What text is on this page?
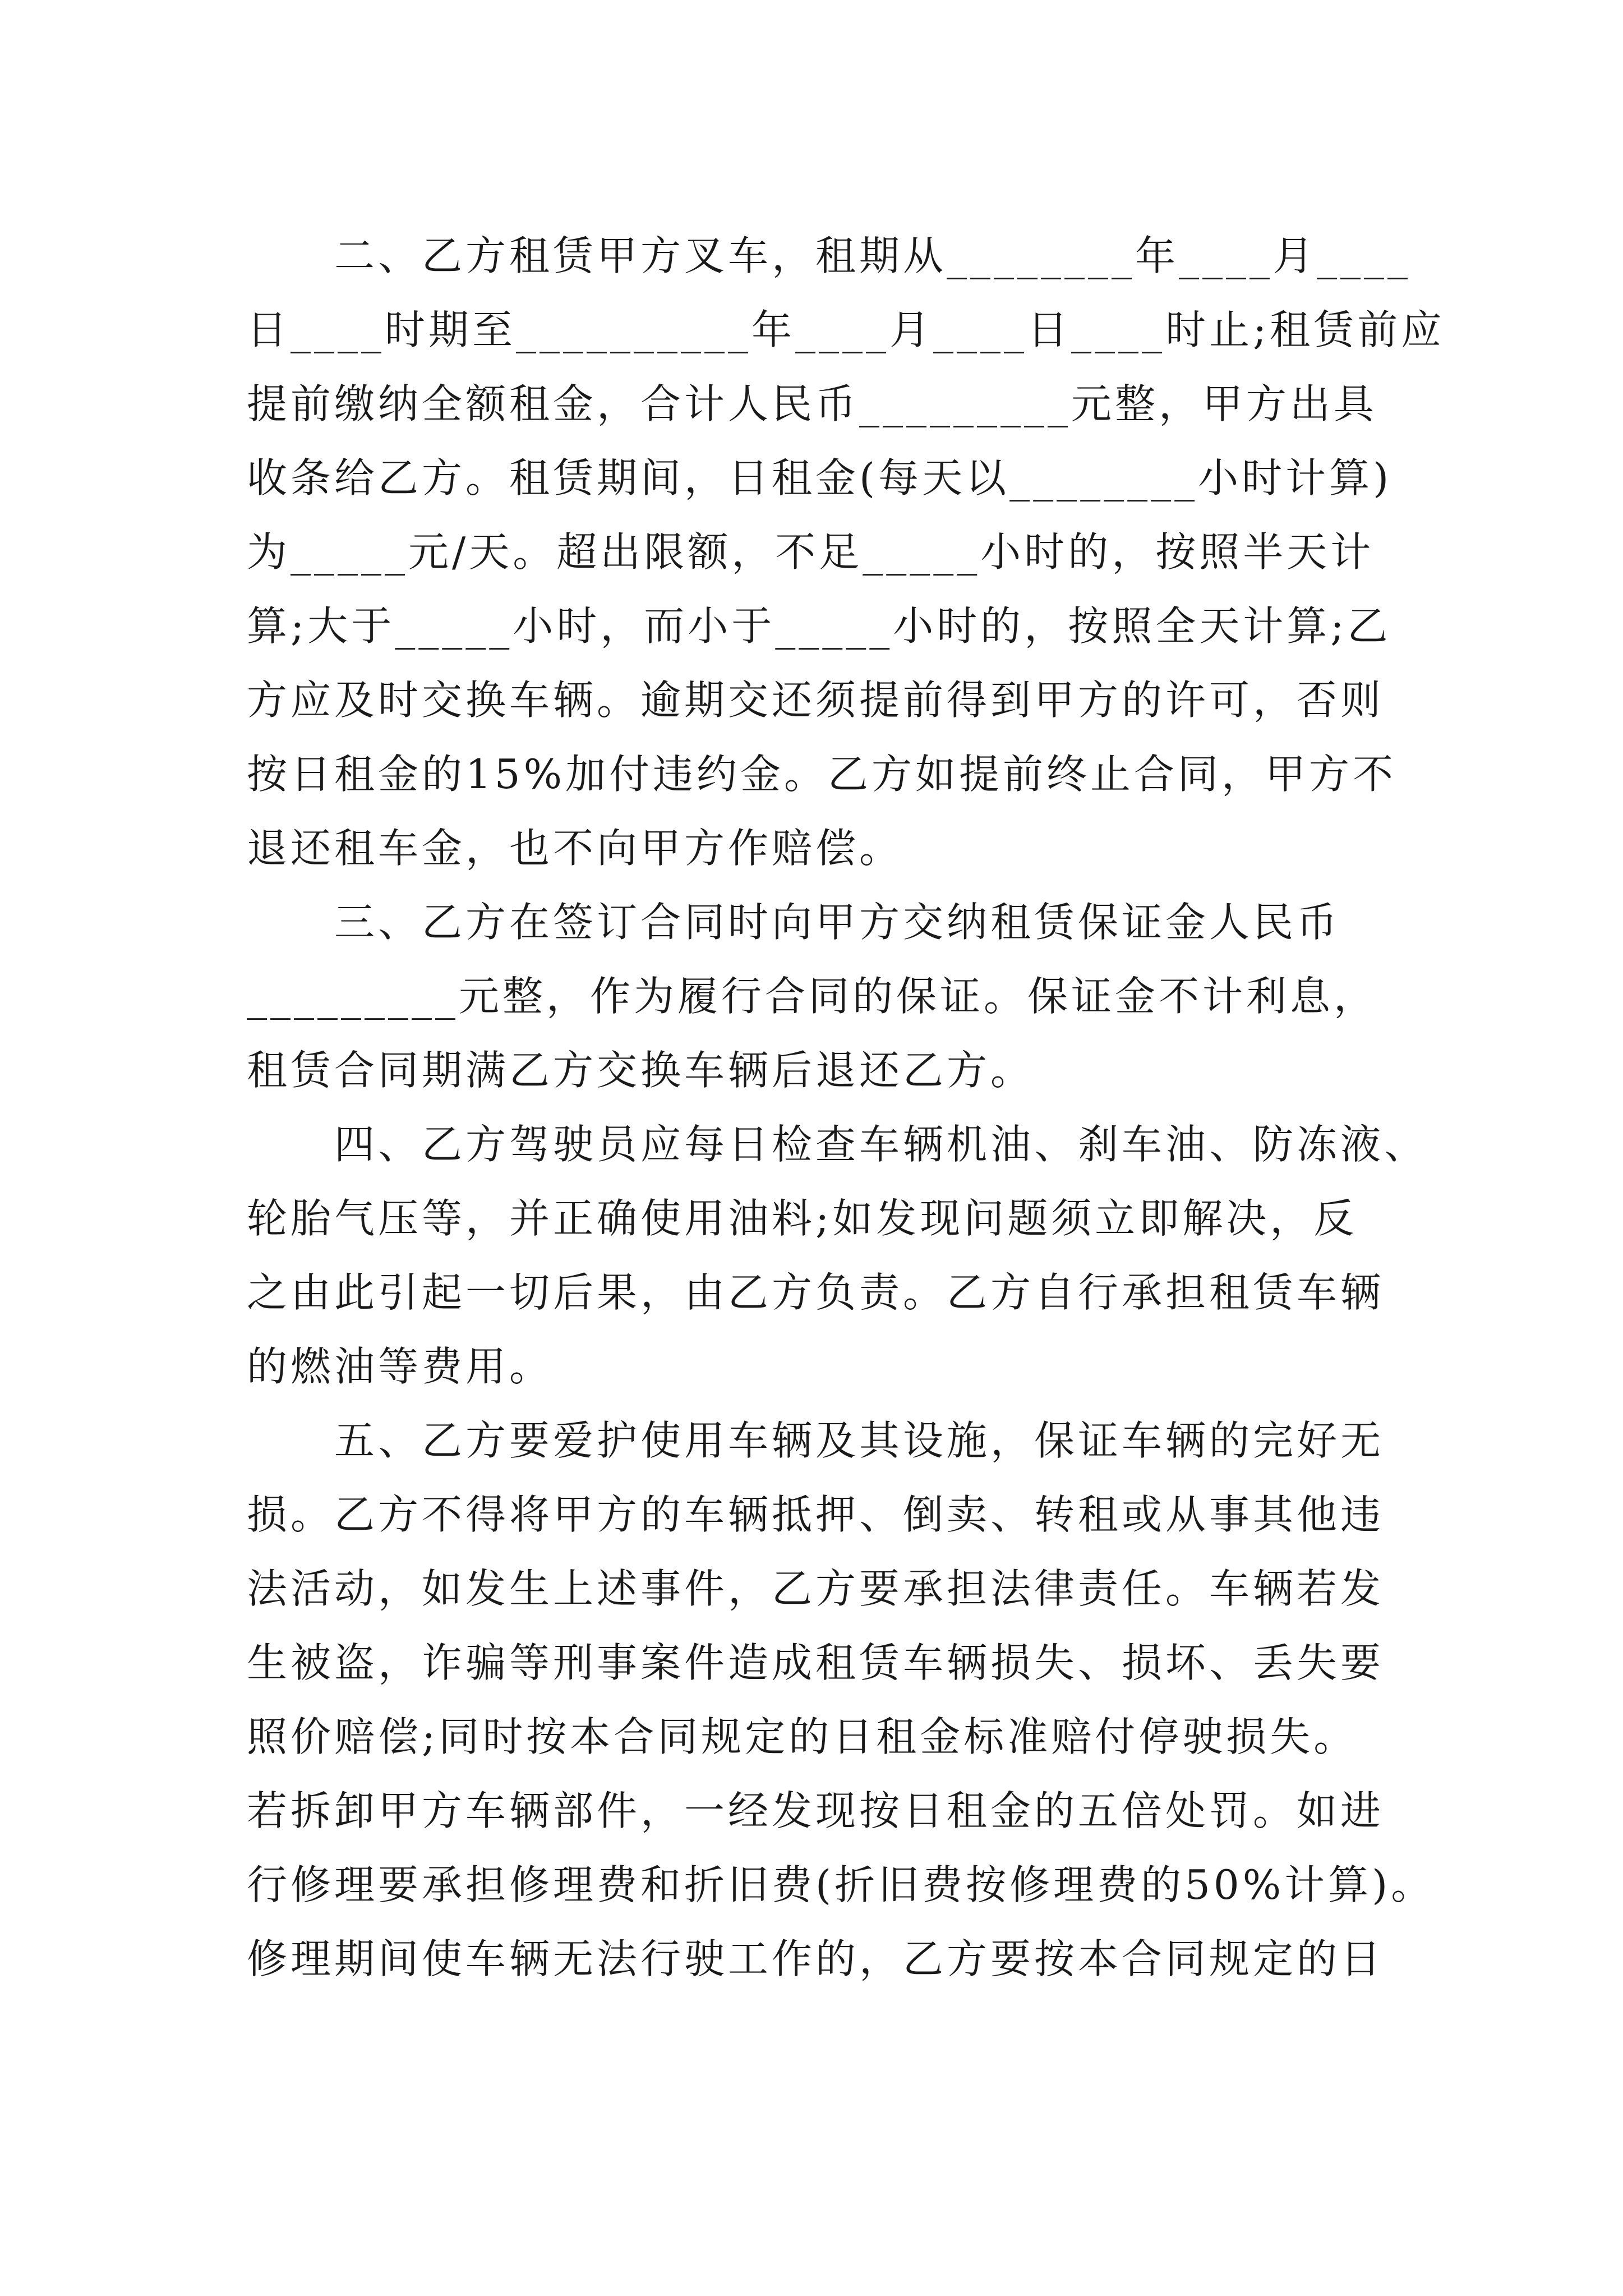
　　二、乙方租赁甲方叉车，租期从________年____月____
日____时期至__________年____月____日____时止;租赁前应
提前缴纳全额租金，合计人民币_________元整，甲方出具
收条给乙方。租赁期间，日租金(每天以________小时计算)
为_____元/天。超出限额，不足_____小时的，按照半天计
算;大于_____小时，而小于_____小时的，按照全天计算;乙
方应及时交换车辆。逾期交还须提前得到甲方的许可，否则
按日租金的15%加付违约金。乙方如提前终止合同，甲方不
退还租车金，也不向甲方作赔偿。
　　三、乙方在签订合同时向甲方交纳租赁保证金人民币
_________元整，作为履行合同的保证。保证金不计利息，
租赁合同期满乙方交换车辆后退还乙方。
　　四、乙方驾驶员应每日检查车辆机油、刹车油、防冻液、
轮胎气压等，并正确使用油料;如发现问题须立即解决，反
之由此引起一切后果，由乙方负责。乙方自行承担租赁车辆
的燃油等费用。
　　五、乙方要爱护使用车辆及其设施，保证车辆的完好无
损。乙方不得将甲方的车辆抵押、倒卖、转租或从事其他违
法活动，如发生上述事件，乙方要承担法律责任。车辆若发
生被盗，诈骗等刑事案件造成租赁车辆损失、损坏、丢失要
照价赔偿;同时按本合同规定的日租金标准赔付停驶损失。
若拆卸甲方车辆部件，一经发现按日租金的五倍处罚。如进
行修理要承担修理费和折旧费(折旧费按修理费的50%计算)。
修理期间使车辆无法行驶工作的，乙方要按本合同规定的日
